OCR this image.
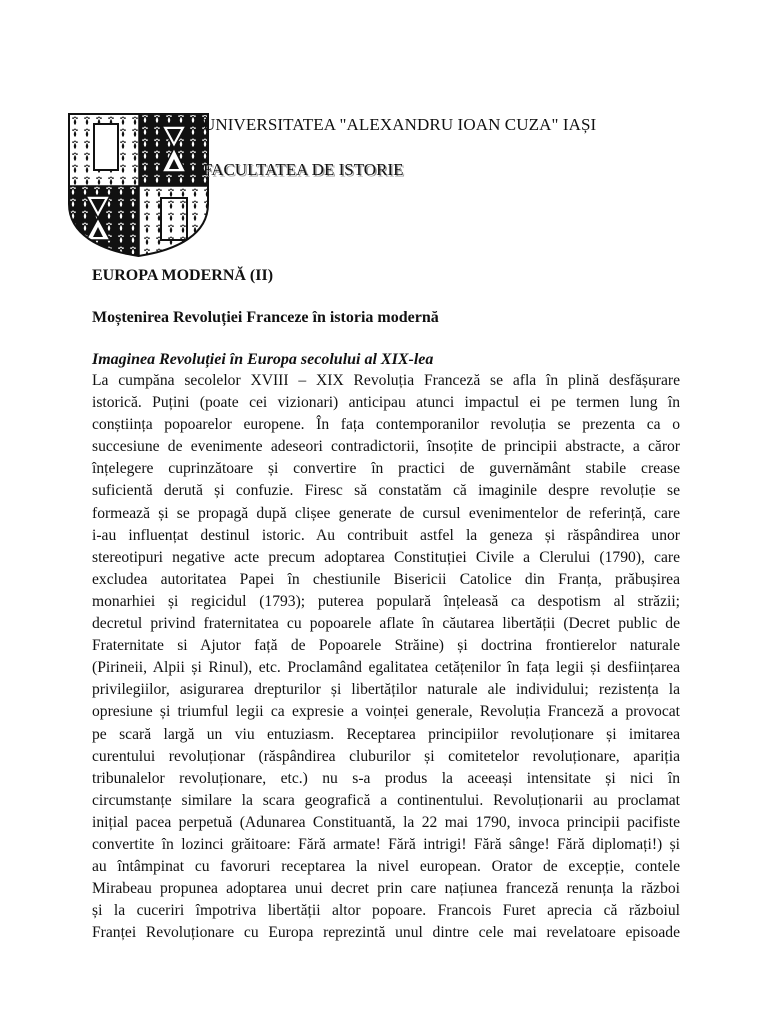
UNIVERSITATEA "ALEXANDRU IOAN CUZA" IAȘI
FACULTATEA DE ISTORIE
EUROPA MODERNĂ (II)
Moștenirea Revoluției Franceze în istoria modernă
Imaginea Revoluției în Europa secolului al XIX-lea
La cumpăna secolelor XVIII – XIX Revoluția Franceză se afla în plină desfășurare
istorică. Puțini (poate cei vizionari) anticipau atunci impactul ei pe termen lung în
conștiința popoarelor europene. În fața contemporanilor revoluția se prezenta ca o
succesiune de evenimente adeseori contradictorii, însoțite de principii abstracte, a căror
înțelegere cuprinzătoare și convertire în practici de guvernământ stabile crease
suficientă derută și confuzie. Firesc să constatăm că imaginile despre revoluție se
formează și se propagă după clișee generate de cursul evenimentelor de referință, care
i-au influențat destinul istoric. Au contribuit astfel la geneza și răspândirea unor
stereotipuri negative acte precum adoptarea Constituției Civile a Clerului (1790), care
excludea autoritatea Papei în chestiunile Bisericii Catolice din Franța, prăbușirea
monarhiei și regicidul (1793); puterea populară înțeleasă ca despotism al străzii;
decretul privind fraternitatea cu popoarele aflate în căutarea libertății (Decret public de
Fraternitate si Ajutor față de Popoarele Străine) și doctrina frontierelor naturale
(Pirineii, Alpii și Rinul), etc. Proclamând egalitatea cetățenilor în fața legii și desființarea
privilegiilor, asigurarea drepturilor și libertăților naturale ale individului; rezistența la
opresiune și triumful legii ca expresie a voinței generale, Revoluția Franceză a provocat
pe scară largă un viu entuziasm. Receptarea principiilor revoluționare și imitarea
curentului revoluționar (răspândirea cluburilor și comitetelor revoluționare, apariția
tribunalelor revoluționare, etc.) nu s-a produs la aceeași intensitate și nici în
circumstanțe similare la scara geografică a continentului. Revoluționarii au proclamat
inițial pacea perpetuă (Adunarea Constituantă, la 22 mai 1790, invoca principii pacifiste
convertite în lozinci grăitoare: Fără armate! Fără intrigi! Fără sânge! Fără diplomați!) și
au întâmpinat cu favoruri receptarea la nivel european. Orator de excepție, contele
Mirabeau propunea adoptarea unui decret prin care națiunea franceză renunța la război
și la cuceriri împotriva libertății altor popoare. Francois Furet aprecia că războiul
Franței Revoluționare cu Europa reprezintă unul dintre cele mai revelatoare episoade
